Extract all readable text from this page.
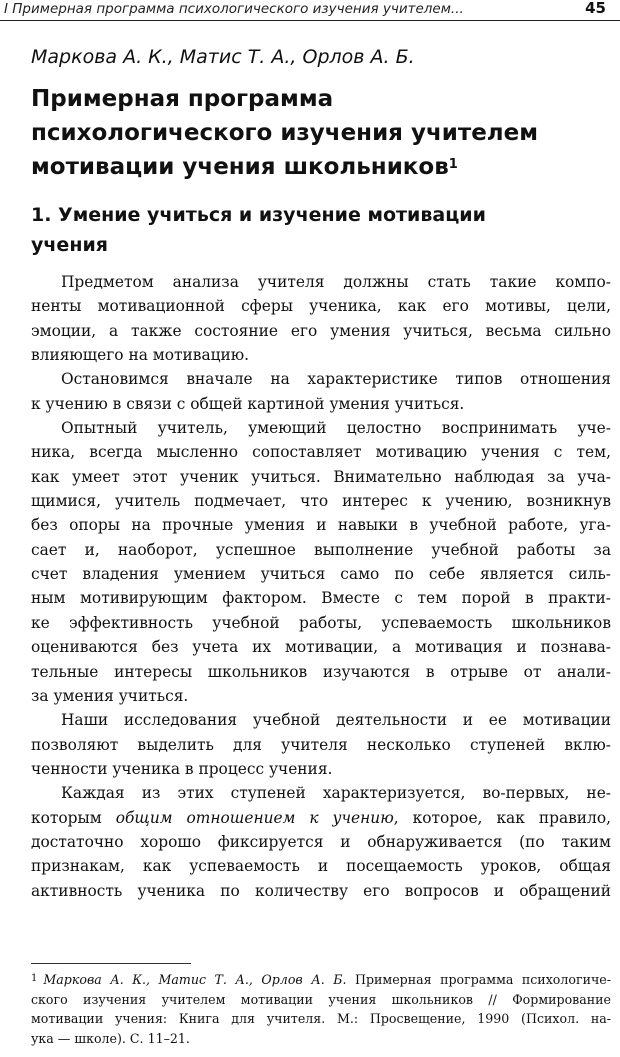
I Примерная программа психологического изучения учителем...	45
Маркова А. К., Матис Т. А., Орлов А. Б.
Примерная программа
психологического изучения учителем
мотивации учения школьников$^1$
1. Умение учиться и изучение мотивации
учения

Предметом анализа учителя должны стать такие компо-
ненты мотивационной сферы ученика, как его мотивы, цели,
эмоции, а также состояние его умения учиться, весьма сильно
влияющего на мотивацию.

Остановимся вначале на характеристике типов отношения
к учению в связи с общей картиной умения учиться.

Опытный учитель, умеющий целостно воспринимать уче-
ника, всегда мысленно сопоставляет мотивацию учения с тем,
как умеет этот ученик учиться. Внимательно наблюдая за уча-
щимися, учитель подмечает, что интерес к учению, возникнув
без опоры на прочные умения и навыки в учебной работе, уга-
сает и, наоборот, успешное выполнение учебной работы за
счет владения умением учиться само по себе является силь-
ным мотивирующим фактором. Вместе с тем порой в практи-
ке эффективность учебной работы, успеваемость школьников
оцениваются без учета их мотивации, а мотивация и познава-
тельные интересы школьников изучаются в отрыве от анали-
за умения учиться.

Наши исследования учебной деятельности и ее мотивации
позволяют выделить для учителя несколько ступеней вклю-
ченности ученика в процесс учения.

Каждая из этих ступеней характеризуется, во-первых, не-
которым общим отношением к учению, которое, как правило,
достаточно хорошо фиксируется и обнаруживается (по таким
признакам, как успеваемость и посещаемость уроков, общая
активность ученика по количеству его вопросов и обращений

$^1$ Маркова А. К., Матис Т. А., Орлов А. Б. Примерная программа психологиче-
ского изучения учителем мотивации учения школьников // Формирование
мотивации учения: Книга для учителя. М.: Просвещение, 1990 (Психол. на-
ука — школе). С. 11–21.
